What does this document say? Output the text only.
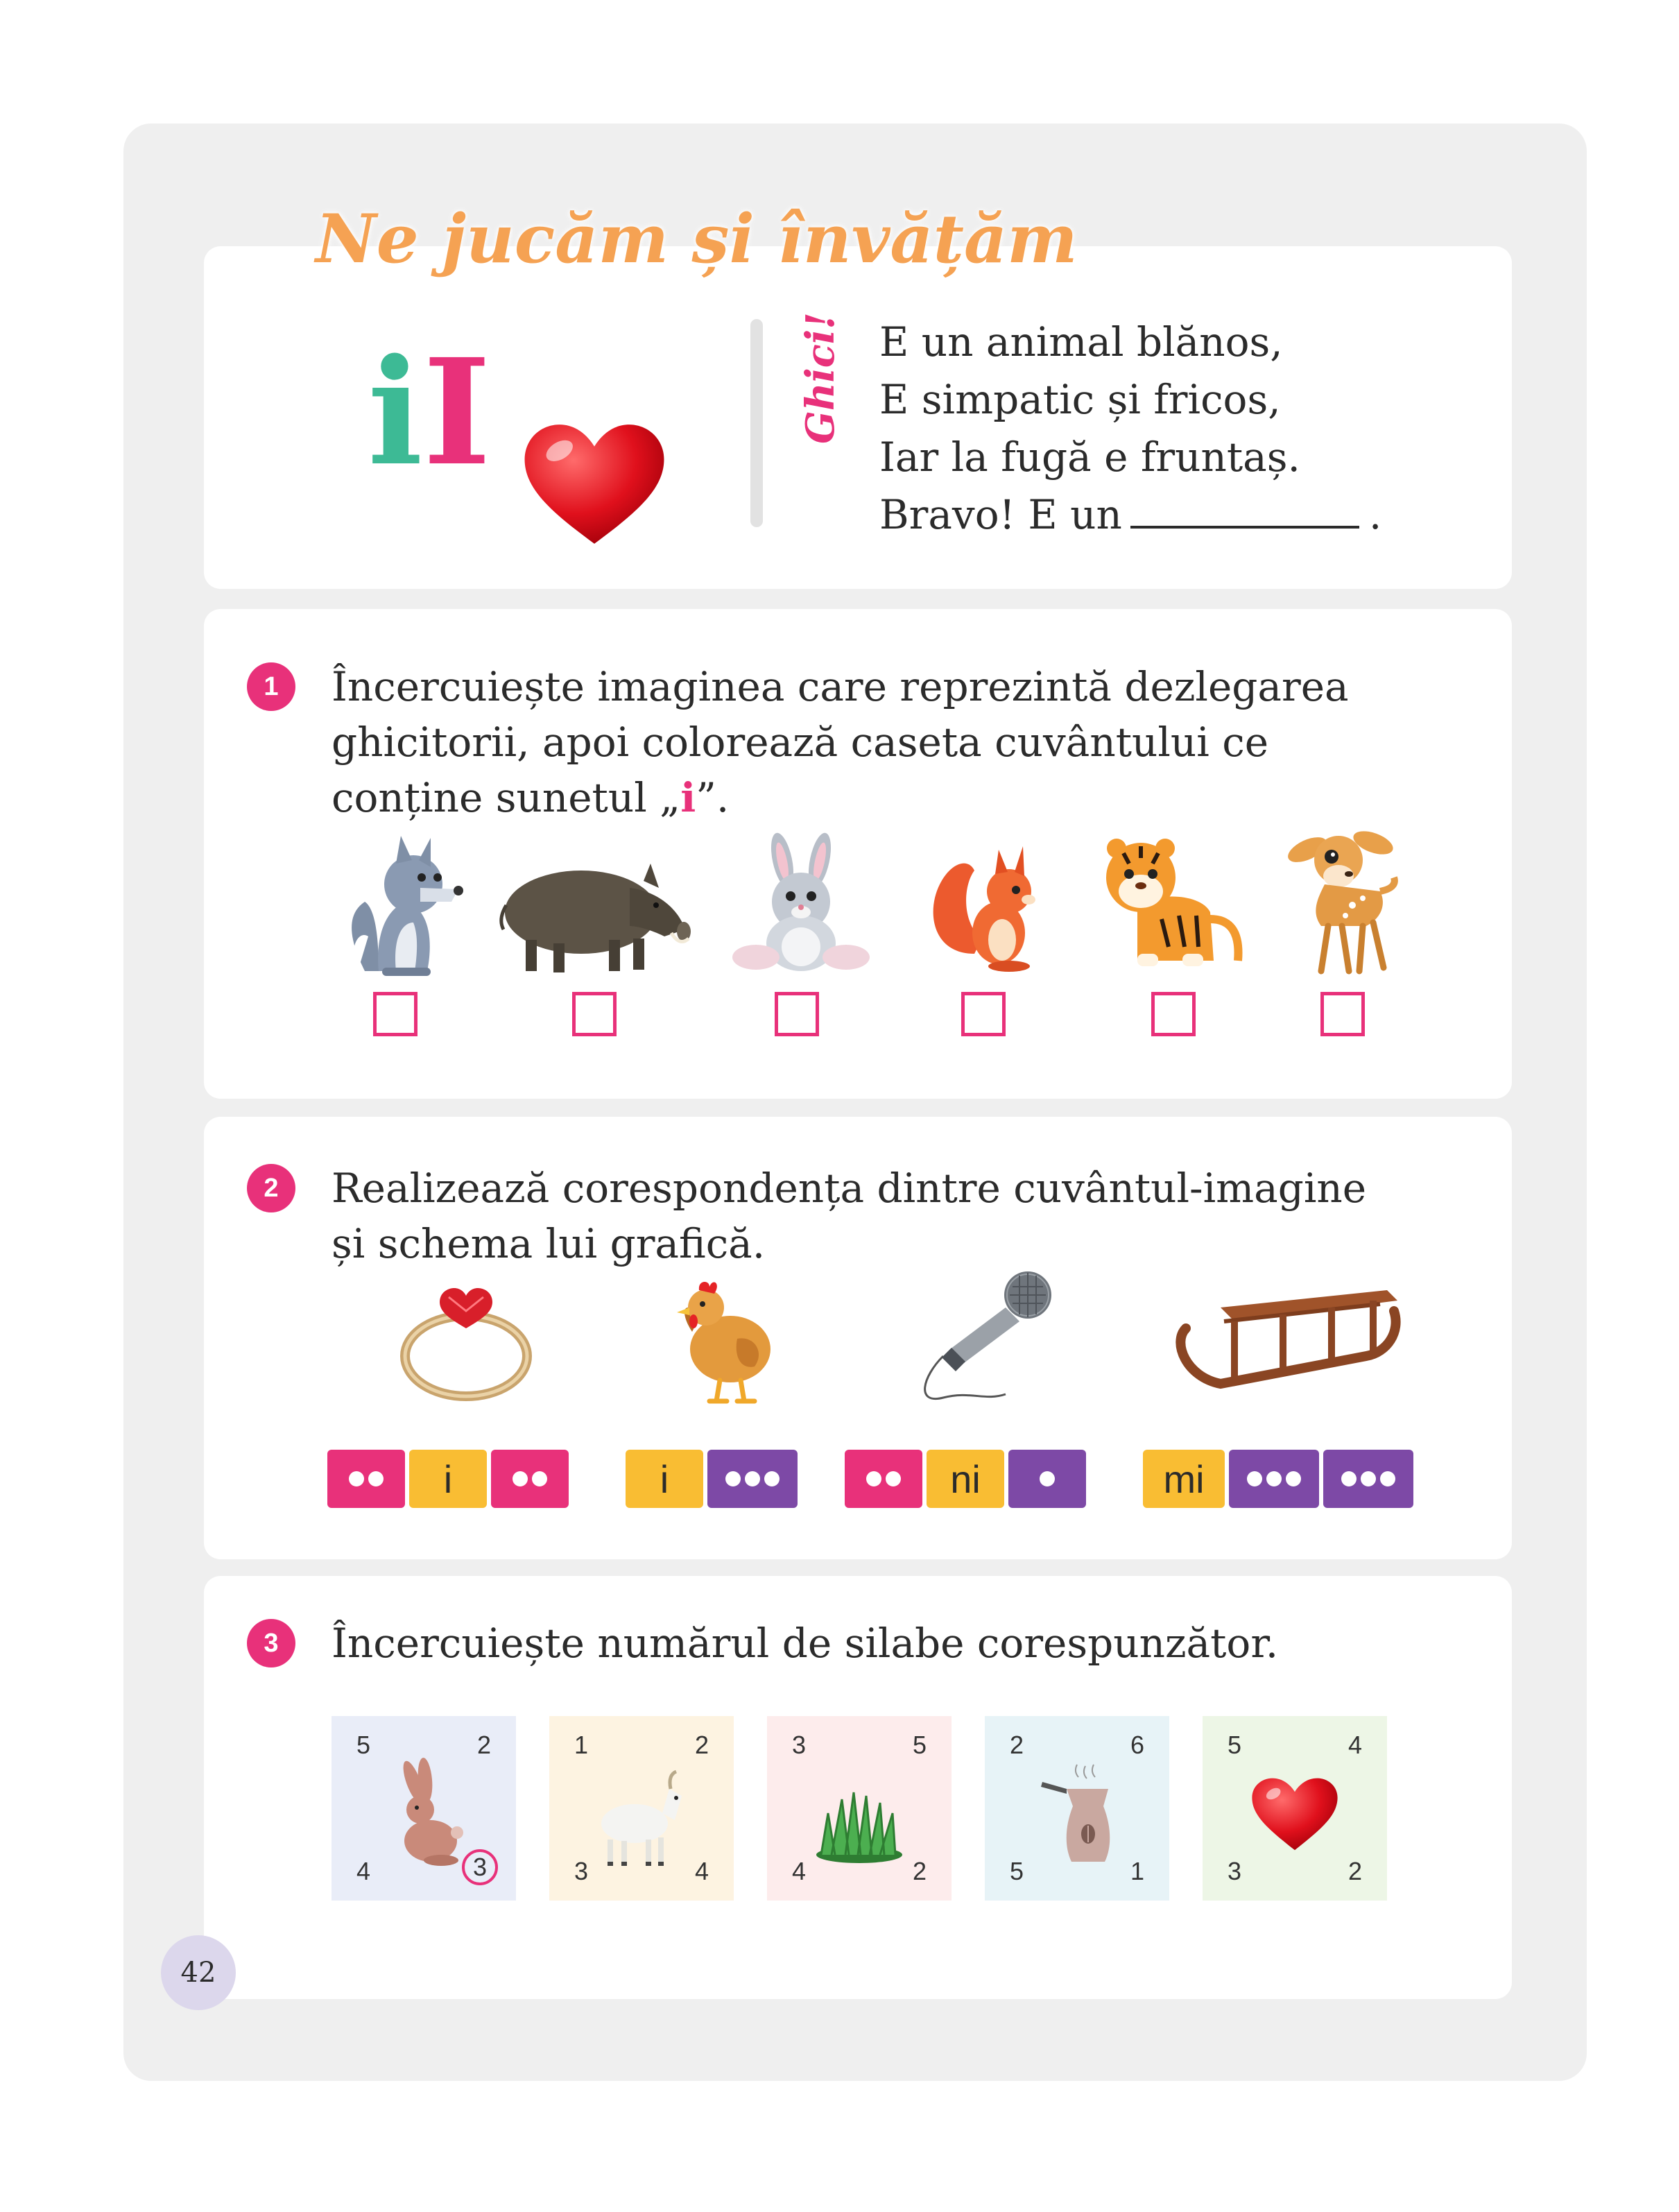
Ne jucăm și învățăm
iI	Ghici! E un animal blănos,
E simpatic și fricos,
Iar la fugă e fruntaș.
Bravo! E un	.
1	Încercuiește imaginea care reprezintă dezlegarea
ghicitorii, apoi colorează caseta cuvântului ce
conține sunetul „i”.
2	Realizează corespondența dintre cuvântul-imagine
și schema lui grafică.
i	i	ni	mi
3	Încercuiește numărul de silabe corespunzător.
5	2
4	3
1	2
3	4
3	5
4	2
2	6
5	1
5	4
3	2
42
